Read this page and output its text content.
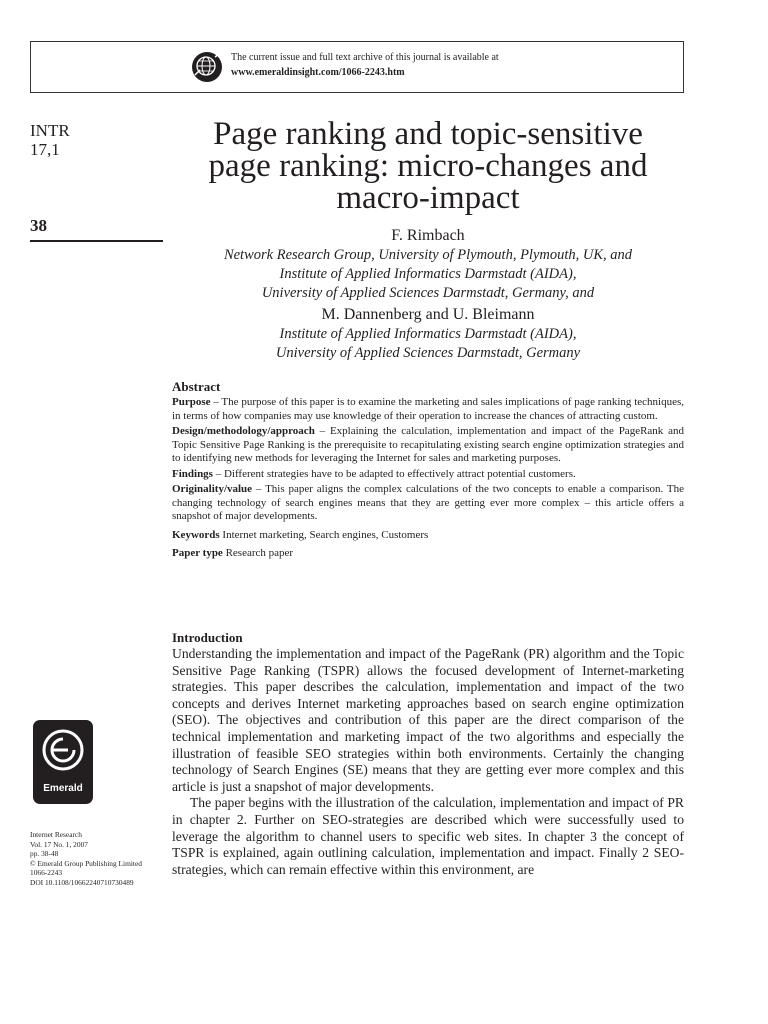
The current issue and full text archive of this journal is available at
www.emeraldinsight.com/1066-2243.htm
INTR
17,1
38
Emerald
Internet Research
Vol. 17 No. 1, 2007
pp. 38-48
© Emerald Group Publishing Limited
1066-2243
DOI 10.1108/10662240710730489
Page ranking and topic-sensitive
page ranking: micro-changes and
macro-impact
F. Rimbach
Network Research Group, University of Plymouth, Plymouth, UK, and
Institute of Applied Informatics Darmstadt (AIDA),
University of Applied Sciences Darmstadt, Germany, and
M. Dannenberg and U. Bleimann
Institute of Applied Informatics Darmstadt (AIDA),
University of Applied Sciences Darmstadt, Germany
Abstract
Purpose – The purpose of this paper is to examine the marketing and sales implications of page ranking techniques, in terms of how companies may use knowledge of their operation to increase the chances of attracting custom.
Design/methodology/approach – Explaining the calculation, implementation and impact of the PageRank and Topic Sensitive Page Ranking is the prerequisite to recapitulating existing search engine optimization strategies and to identifying new methods for leveraging the Internet for sales and marketing purposes.
Findings – Different strategies have to be adapted to effectively attract potential customers.
Originality/value – This paper aligns the complex calculations of the two concepts to enable a comparison. The changing technology of search engines means that they are getting ever more complex – this article offers a snapshot of major developments.
Keywords Internet marketing, Search engines, Customers
Paper type Research paper
Introduction

Understanding the implementation and impact of the PageRank (PR) algorithm and the Topic Sensitive Page Ranking (TSPR) allows the focused development of Internet-marketing strategies. This paper describes the calculation, implementation and impact of the two concepts and derives Internet marketing approaches based on search engine optimization (SEO). The objectives and contribution of this paper are the direct comparison of the technical implementation and marketing impact of the two algorithms and especially the illustration of feasible SEO strategies within both environments. Certainly the changing technology of Search Engines (SE) means that they are getting ever more complex and this article is just a snapshot of major developments.

The paper begins with the illustration of the calculation, implementation and impact of PR in chapter 2. Further on SEO-strategies are described which were successfully used to leverage the algorithm to channel users to specific web sites. In chapter 3 the concept of TSPR is explained, again outlining calculation, implementation and impact. Finally 2 SEO-strategies, which can remain effective within this environment, are
